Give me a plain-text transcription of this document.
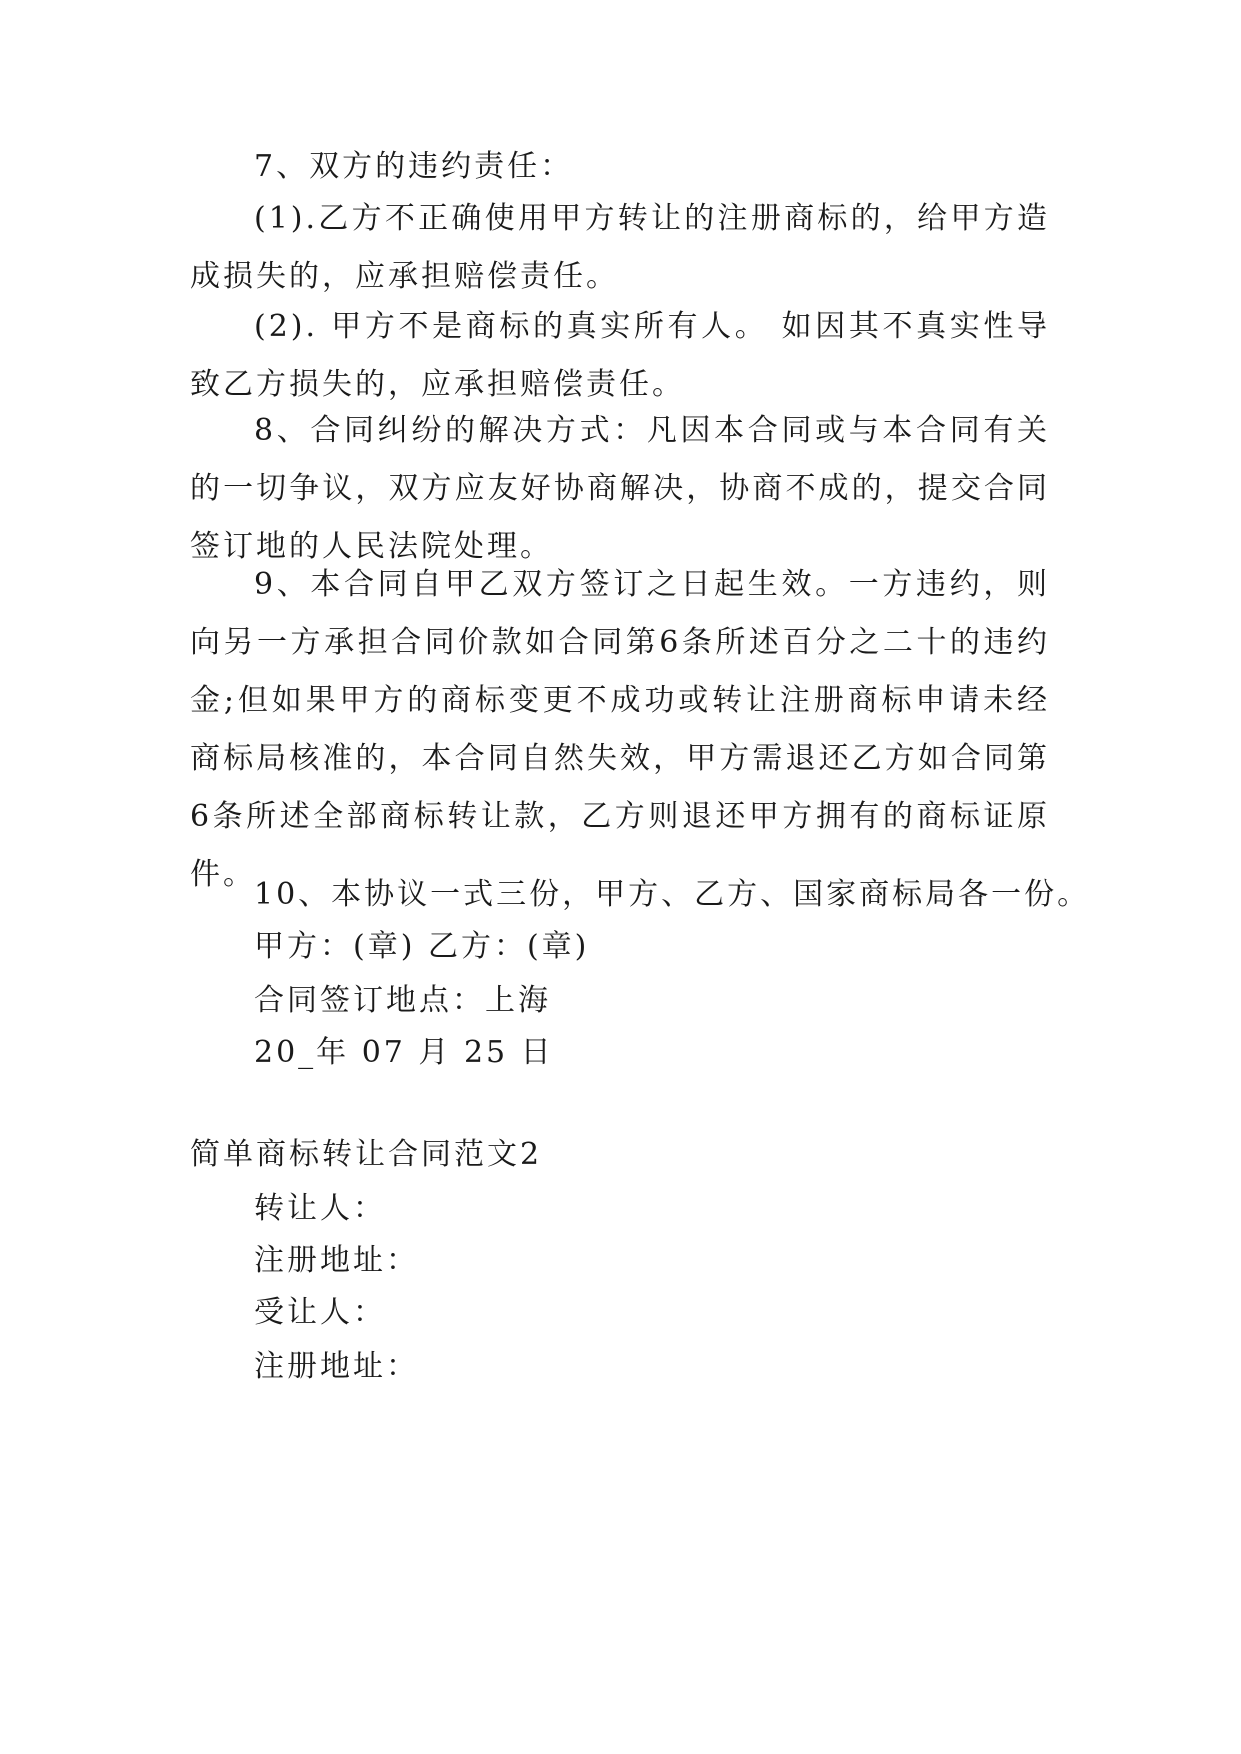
7、双方的违约责任：

(1).乙方不正确使用甲方转让的注册商标的，给甲方造成损失的，应承担赔偿责任。

(2). 甲方不是商标的真实所有人。 如因其不真实性导致乙方损失的，应承担赔偿责任。

8、合同纠纷的解决方式：凡因本合同或与本合同有关的一切争议，双方应友好协商解决，协商不成的，提交合同签订地的人民法院处理。

9、本合同自甲乙双方签订之日起生效。一方违约，则向另一方承担合同价款如合同第6条所述百分之二十的违约金;但如果甲方的商标变更不成功或转让注册商标申请未经商标局核准的，本合同自然失效，甲方需退还乙方如合同第6条所述全部商标转让款，乙方则退还甲方拥有的商标证原件。

10、本协议一式三份，甲方、乙方、国家商标局各一份。

甲方：(章) 乙方：(章)

合同签订地点：上海

20_年 07 月 25 日

简单商标转让合同范文2

转让人：

注册地址：

受让人：

注册地址：
